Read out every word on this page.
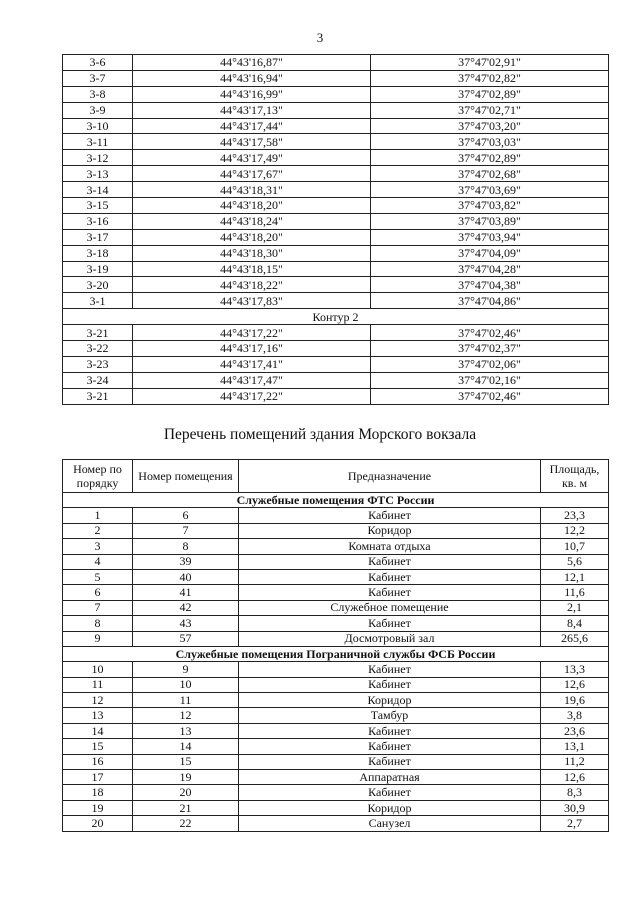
3
3-6	44°43'16,87"	37°47'02,91"
3-7	44°43'16,94"	37°47'02,82"
3-8	44°43'16,99"	37°47'02,89"
3-9	44°43'17,13"	37°47'02,71"
3-10	44°43'17,44"	37°47'03,20"
3-11	44°43'17,58"	37°47'03,03"
3-12	44°43'17,49"	37°47'02,89"
3-13	44°43'17,67"	37°47'02,68"
3-14	44°43'18,31"	37°47'03,69"
3-15	44°43'18,20"	37°47'03,82"
3-16	44°43'18,24"	37°47'03,89"
3-17	44°43'18,20"	37°47'03,94"
3-18	44°43'18,30"	37°47'04,09"
3-19	44°43'18,15"	37°47'04,28"
3-20	44°43'18,22"	37°47'04,38"
3-1	44°43'17,83"	37°47'04,86"
Контур 2		
3-21	44°43'17,22"	37°47'02,46"
3-22	44°43'17,16"	37°47'02,37"
3-23	44°43'17,41"	37°47'02,06"
3-24	44°43'17,47"	37°47'02,16"
3-21	44°43'17,22"	37°47'02,46"
Перечень помещений здания Морского вокзала
Номер по порядку	Номер помещения	Предназначение	Площадь, кв. м
Служебные помещения ФТС России			
1	6	Кабинет	23,3
2	7	Коридор	12,2
3	8	Комната отдыха	10,7
4	39	Кабинет	5,6
5	40	Кабинет	12,1
6	41	Кабинет	11,6
7	42	Служебное помещение	2,1
8	43	Кабинет	8,4
9	57	Досмотровый зал	265,6
Служебные помещения Пограничной службы ФСБ России			
10	9	Кабинет	13,3
11	10	Кабинет	12,6
12	11	Коридор	19,6
13	12	Тамбур	3,8
14	13	Кабинет	23,6
15	14	Кабинет	13,1
16	15	Кабинет	11,2
17	19	Аппаратная	12,6
18	20	Кабинет	8,3
19	21	Коридор	30,9
20	22	Санузел	2,7
